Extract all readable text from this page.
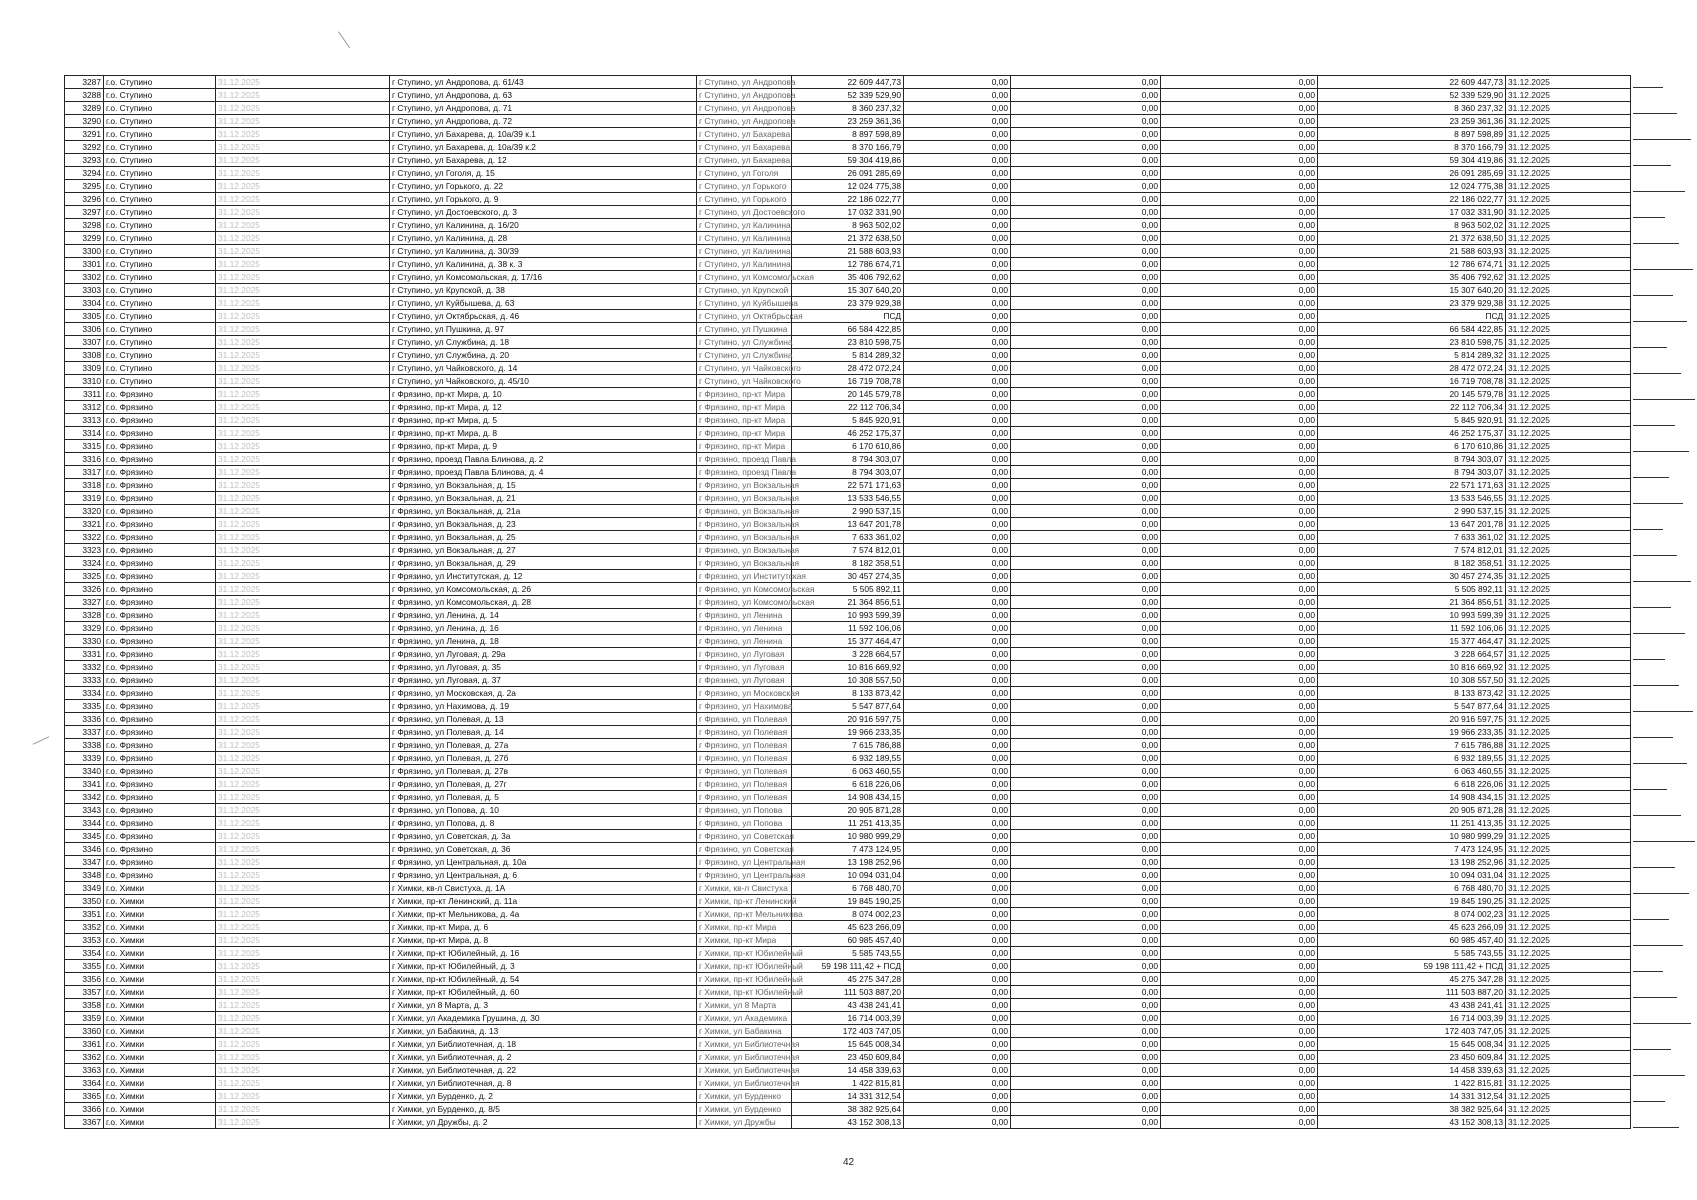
3287	г.о. Ступино	31.12.2025	г Ступино, ул Андропова, д. 61/43	г Ступино, ул Андропова	22 609 447,73	0,00	0,00	0,00	22 609 447,73	31.12.2025
3288	г.о. Ступино	31.12.2025	г Ступино, ул Андропова, д. 63	г Ступино, ул Андропова	52 339 529,90	0,00	0,00	0,00	52 339 529,90	31.12.2025
3289	г.о. Ступино	31.12.2025	г Ступино, ул Андропова, д. 71	г Ступино, ул Андропова	8 360 237,32	0,00	0,00	0,00	8 360 237,32	31.12.2025
3290	г.о. Ступино	31.12.2025	г Ступино, ул Андропова, д. 72	г Ступино, ул Андропова	23 259 361,36	0,00	0,00	0,00	23 259 361,36	31.12.2025
3291	г.о. Ступино	31.12.2025	г Ступино, ул Бахарева, д. 10а/39 к.1	г Ступино, ул Бахарева	8 897 598,89	0,00	0,00	0,00	8 897 598,89	31.12.2025
3292	г.о. Ступино	31.12.2025	г Ступино, ул Бахарева, д. 10а/39 к.2	г Ступино, ул Бахарева	8 370 166,79	0,00	0,00	0,00	8 370 166,79	31.12.2025
3293	г.о. Ступино	31.12.2025	г Ступино, ул Бахарева, д. 12	г Ступино, ул Бахарева	59 304 419,86	0,00	0,00	0,00	59 304 419,86	31.12.2025
3294	г.о. Ступино	31.12.2025	г Ступино, ул Гоголя, д. 15	г Ступино, ул Гоголя	26 091 285,69	0,00	0,00	0,00	26 091 285,69	31.12.2025
3295	г.о. Ступино	31.12.2025	г Ступино, ул Горького, д. 22	г Ступино, ул Горького	12 024 775,38	0,00	0,00	0,00	12 024 775,38	31.12.2025
3296	г.о. Ступино	31.12.2025	г Ступино, ул Горького, д. 9	г Ступино, ул Горького	22 186 022,77	0,00	0,00	0,00	22 186 022,77	31.12.2025
3297	г.о. Ступино	31.12.2025	г Ступино, ул Достоевского, д. 3	г Ступино, ул Достоевского	17 032 331,90	0,00	0,00	0,00	17 032 331,90	31.12.2025
3298	г.о. Ступино	31.12.2025	г Ступино, ул Калинина, д. 16/20	г Ступино, ул Калинина	8 963 502,02	0,00	0,00	0,00	8 963 502,02	31.12.2025
3299	г.о. Ступино	31.12.2025	г Ступино, ул Калинина, д. 28	г Ступино, ул Калинина	21 372 638,50	0,00	0,00	0,00	21 372 638,50	31.12.2025
3300	г.о. Ступино	31.12.2025	г Ступино, ул Калинина, д. 30/39	г Ступино, ул Калинина	21 588 603,93	0,00	0,00	0,00	21 588 603,93	31.12.2025
3301	г.о. Ступино	31.12.2025	г Ступино, ул Калинина, д. 38 к. 3	г Ступино, ул Калинина	12 786 674,71	0,00	0,00	0,00	12 786 674,71	31.12.2025
3302	г.о. Ступино	31.12.2025	г Ступино, ул Комсомольская, д. 17/16	г Ступино, ул Комсомольская	35 406 792,62	0,00	0,00	0,00	35 406 792,62	31.12.2025
3303	г.о. Ступино	31.12.2025	г Ступино, ул Крупской, д. 38	г Ступино, ул Крупской	15 307 640,20	0,00	0,00	0,00	15 307 640,20	31.12.2025
3304	г.о. Ступино	31.12.2025	г Ступино, ул Куйбышева, д. 63	г Ступино, ул Куйбышева	23 379 929,38	0,00	0,00	0,00	23 379 929,38	31.12.2025
3305	г.о. Ступино	31.12.2025	г Ступино, ул Октябрьская, д. 46	г Ступино, ул Октябрьская	ПСД	0,00	0,00	0,00	ПСД	31.12.2025
3306	г.о. Ступино	31.12.2025	г Ступино, ул Пушкина, д. 97	г Ступино, ул Пушкина	66 584 422,85	0,00	0,00	0,00	66 584 422,85	31.12.2025
3307	г.о. Ступино	31.12.2025	г Ступино, ул Службина, д. 18	г Ступино, ул Службина	23 810 598,75	0,00	0,00	0,00	23 810 598,75	31.12.2025
3308	г.о. Ступино	31.12.2025	г Ступино, ул Службина, д. 20	г Ступино, ул Службина	5 814 289,32	0,00	0,00	0,00	5 814 289,32	31.12.2025
3309	г.о. Ступино	31.12.2025	г Ступино, ул Чайковского, д. 14	г Ступино, ул Чайковского	28 472 072,24	0,00	0,00	0,00	28 472 072,24	31.12.2025
3310	г.о. Ступино	31.12.2025	г Ступино, ул Чайковского, д. 45/10	г Ступино, ул Чайковского	16 719 708,78	0,00	0,00	0,00	16 719 708,78	31.12.2025
3311	г.о. Фрязино	31.12.2025	г Фрязино, пр-кт Мира, д. 10	г Фрязино, пр-кт Мира	20 145 579,78	0,00	0,00	0,00	20 145 579,78	31.12.2025
3312	г.о. Фрязино	31.12.2025	г Фрязино, пр-кт Мира, д. 12	г Фрязино, пр-кт Мира	22 112 706,34	0,00	0,00	0,00	22 112 706,34	31.12.2025
3313	г.о. Фрязино	31.12.2025	г Фрязино, пр-кт Мира, д. 5	г Фрязино, пр-кт Мира	5 845 920,91	0,00	0,00	0,00	5 845 920,91	31.12.2025
3314	г.о. Фрязино	31.12.2025	г Фрязино, пр-кт Мира, д. 8	г Фрязино, пр-кт Мира	46 252 175,37	0,00	0,00	0,00	46 252 175,37	31.12.2025
3315	г.о. Фрязино	31.12.2025	г Фрязино, пр-кт Мира, д. 9	г Фрязино, пр-кт Мира	6 170 610,86	0,00	0,00	0,00	6 170 610,86	31.12.2025
3316	г.о. Фрязино	31.12.2025	г Фрязино, проезд Павла Блинова, д. 2	г Фрязино, проезд Павла	8 794 303,07	0,00	0,00	0,00	8 794 303,07	31.12.2025
3317	г.о. Фрязино	31.12.2025	г Фрязино, проезд Павла Блинова, д. 4	г Фрязино, проезд Павла	8 794 303,07	0,00	0,00	0,00	8 794 303,07	31.12.2025
3318	г.о. Фрязино	31.12.2025	г Фрязино, ул Вокзальная, д. 15	г Фрязино, ул Вокзальная	22 571 171,63	0,00	0,00	0,00	22 571 171,63	31.12.2025
3319	г.о. Фрязино	31.12.2025	г Фрязино, ул Вокзальная, д. 21	г Фрязино, ул Вокзальная	13 533 546,55	0,00	0,00	0,00	13 533 546,55	31.12.2025
3320	г.о. Фрязино	31.12.2025	г Фрязино, ул Вокзальная, д. 21а	г Фрязино, ул Вокзальная	2 990 537,15	0,00	0,00	0,00	2 990 537,15	31.12.2025
3321	г.о. Фрязино	31.12.2025	г Фрязино, ул Вокзальная, д. 23	г Фрязино, ул Вокзальная	13 647 201,78	0,00	0,00	0,00	13 647 201,78	31.12.2025
3322	г.о. Фрязино	31.12.2025	г Фрязино, ул Вокзальная, д. 25	г Фрязино, ул Вокзальная	7 633 361,02	0,00	0,00	0,00	7 633 361,02	31.12.2025
3323	г.о. Фрязино	31.12.2025	г Фрязино, ул Вокзальная, д. 27	г Фрязино, ул Вокзальная	7 574 812,01	0,00	0,00	0,00	7 574 812,01	31.12.2025
3324	г.о. Фрязино	31.12.2025	г Фрязино, ул Вокзальная, д. 29	г Фрязино, ул Вокзальная	8 182 358,51	0,00	0,00	0,00	8 182 358,51	31.12.2025
3325	г.о. Фрязино	31.12.2025	г Фрязино, ул Институтская, д. 12	г Фрязино, ул Институтская	30 457 274,35	0,00	0,00	0,00	30 457 274,35	31.12.2025
3326	г.о. Фрязино	31.12.2025	г Фрязино, ул Комсомольская, д. 26	г Фрязино, ул Комсомольская	5 505 892,11	0,00	0,00	0,00	5 505 892,11	31.12.2025
3327	г.о. Фрязино	31.12.2025	г Фрязино, ул Комсомольская, д. 28	г Фрязино, ул Комсомольская	21 364 856,51	0,00	0,00	0,00	21 364 856,51	31.12.2025
3328	г.о. Фрязино	31.12.2025	г Фрязино, ул Ленина, д. 14	г Фрязино, ул Ленина	10 993 599,39	0,00	0,00	0,00	10 993 599,39	31.12.2025
3329	г.о. Фрязино	31.12.2025	г Фрязино, ул Ленина, д. 16	г Фрязино, ул Ленина	11 592 106,06	0,00	0,00	0,00	11 592 106,06	31.12.2025
3330	г.о. Фрязино	31.12.2025	г Фрязино, ул Ленина, д. 18	г Фрязино, ул Ленина	15 377 464,47	0,00	0,00	0,00	15 377 464,47	31.12.2025
3331	г.о. Фрязино	31.12.2025	г Фрязино, ул Луговая, д. 29а	г Фрязино, ул Луговая	3 228 664,57	0,00	0,00	0,00	3 228 664,57	31.12.2025
3332	г.о. Фрязино	31.12.2025	г Фрязино, ул Луговая, д. 35	г Фрязино, ул Луговая	10 816 669,92	0,00	0,00	0,00	10 816 669,92	31.12.2025
3333	г.о. Фрязино	31.12.2025	г Фрязино, ул Луговая, д. 37	г Фрязино, ул Луговая	10 308 557,50	0,00	0,00	0,00	10 308 557,50	31.12.2025
3334	г.о. Фрязино	31.12.2025	г Фрязино, ул Московская, д. 2а	г Фрязино, ул Московская	8 133 873,42	0,00	0,00	0,00	8 133 873,42	31.12.2025
3335	г.о. Фрязино	31.12.2025	г Фрязино, ул Нахимова, д. 19	г Фрязино, ул Нахимова	5 547 877,64	0,00	0,00	0,00	5 547 877,64	31.12.2025
3336	г.о. Фрязино	31.12.2025	г Фрязино, ул Полевая, д. 13	г Фрязино, ул Полевая	20 916 597,75	0,00	0,00	0,00	20 916 597,75	31.12.2025
3337	г.о. Фрязино	31.12.2025	г Фрязино, ул Полевая, д. 14	г Фрязино, ул Полевая	19 966 233,35	0,00	0,00	0,00	19 966 233,35	31.12.2025
3338	г.о. Фрязино	31.12.2025	г Фрязино, ул Полевая, д. 27а	г Фрязино, ул Полевая	7 615 786,88	0,00	0,00	0,00	7 615 786,88	31.12.2025
3339	г.о. Фрязино	31.12.2025	г Фрязино, ул Полевая, д. 27б	г Фрязино, ул Полевая	6 932 189,55	0,00	0,00	0,00	6 932 189,55	31.12.2025
3340	г.о. Фрязино	31.12.2025	г Фрязино, ул Полевая, д. 27в	г Фрязино, ул Полевая	6 063 460,55	0,00	0,00	0,00	6 063 460,55	31.12.2025
3341	г.о. Фрязино	31.12.2025	г Фрязино, ул Полевая, д. 27г	г Фрязино, ул Полевая	6 618 226,06	0,00	0,00	0,00	6 618 226,06	31.12.2025
3342	г.о. Фрязино	31.12.2025	г Фрязино, ул Полевая, д. 5	г Фрязино, ул Полевая	14 908 434,15	0,00	0,00	0,00	14 908 434,15	31.12.2025
3343	г.о. Фрязино	31.12.2025	г Фрязино, ул Попова, д. 10	г Фрязино, ул Попова	20 905 871,28	0,00	0,00	0,00	20 905 871,28	31.12.2025
3344	г.о. Фрязино	31.12.2025	г Фрязино, ул Попова, д. 8	г Фрязино, ул Попова	11 251 413,35	0,00	0,00	0,00	11 251 413,35	31.12.2025
3345	г.о. Фрязино	31.12.2025	г Фрязино, ул Советская, д. 3а	г Фрязино, ул Советская	10 980 999,29	0,00	0,00	0,00	10 980 999,29	31.12.2025
3346	г.о. Фрязино	31.12.2025	г Фрязино, ул Советская, д. 36	г Фрязино, ул Советская	7 473 124,95	0,00	0,00	0,00	7 473 124,95	31.12.2025
3347	г.о. Фрязино	31.12.2025	г Фрязино, ул Центральная, д. 10а	г Фрязино, ул Центральная	13 198 252,96	0,00	0,00	0,00	13 198 252,96	31.12.2025
3348	г.о. Фрязино	31.12.2025	г Фрязино, ул Центральная, д. 6	г Фрязино, ул Центральная	10 094 031,04	0,00	0,00	0,00	10 094 031,04	31.12.2025
3349	г.о. Химки	31.12.2025	г Химки, кв-л Свистуха, д. 1А	г Химки, кв-л Свистуха	6 768 480,70	0,00	0,00	0,00	6 768 480,70	31.12.2025
3350	г.о. Химки	31.12.2025	г Химки, пр-кт Ленинский, д. 11а	г Химки, пр-кт Ленинский	19 845 190,25	0,00	0,00	0,00	19 845 190,25	31.12.2025
3351	г.о. Химки	31.12.2025	г Химки, пр-кт Мельникова, д. 4а	г Химки, пр-кт Мельникова	8 074 002,23	0,00	0,00	0,00	8 074 002,23	31.12.2025
3352	г.о. Химки	31.12.2025	г Химки, пр-кт Мира, д. 6	г Химки, пр-кт Мира	45 623 266,09	0,00	0,00	0,00	45 623 266,09	31.12.2025
3353	г.о. Химки	31.12.2025	г Химки, пр-кт Мира, д. 8	г Химки, пр-кт Мира	60 985 457,40	0,00	0,00	0,00	60 985 457,40	31.12.2025
3354	г.о. Химки	31.12.2025	г Химки, пр-кт Юбилейный, д. 16	г Химки, пр-кт Юбилейный	5 585 743,55	0,00	0,00	0,00	5 585 743,55	31.12.2025
3355	г.о. Химки	31.12.2025	г Химки, пр-кт Юбилейный, д. 3	г Химки, пр-кт Юбилейный	59 198 111,42 + ПСД	0,00	0,00	0,00	59 198 111,42 + ПСД	31.12.2025
3356	г.о. Химки	31.12.2025	г Химки, пр-кт Юбилейный, д. 54	г Химки, пр-кт Юбилейный	45 275 347,28	0,00	0,00	0,00	45 275 347,28	31.12.2025
3357	г.о. Химки	31.12.2025	г Химки, пр-кт Юбилейный, д. 60	г Химки, пр-кт Юбилейный	111 503 887,20	0,00	0,00	0,00	111 503 887,20	31.12.2025
3358	г.о. Химки	31.12.2025	г Химки, ул 8 Марта, д. 3	г Химки, ул 8 Марта	43 438 241,41	0,00	0,00	0,00	43 438 241,41	31.12.2025
3359	г.о. Химки	31.12.2025	г Химки, ул Академика Грушина, д. 30	г Химки, ул Академика	16 714 003,39	0,00	0,00	0,00	16 714 003,39	31.12.2025
3360	г.о. Химки	31.12.2025	г Химки, ул Бабакина, д. 13	г Химки, ул Бабакина	172 403 747,05	0,00	0,00	0,00	172 403 747,05	31.12.2025
3361	г.о. Химки	31.12.2025	г Химки, ул Библиотечная, д. 18	г Химки, ул Библиотечная	15 645 008,34	0,00	0,00	0,00	15 645 008,34	31.12.2025
3362	г.о. Химки	31.12.2025	г Химки, ул Библиотечная, д. 2	г Химки, ул Библиотечная	23 450 609,84	0,00	0,00	0,00	23 450 609,84	31.12.2025
3363	г.о. Химки	31.12.2025	г Химки, ул Библиотечная, д. 22	г Химки, ул Библиотечная	14 458 339,63	0,00	0,00	0,00	14 458 339,63	31.12.2025
3364	г.о. Химки	31.12.2025	г Химки, ул Библиотечная, д. 8	г Химки, ул Библиотечная	1 422 815,81	0,00	0,00	0,00	1 422 815,81	31.12.2025
3365	г.о. Химки	31.12.2025	г Химки, ул Бурденко, д. 2	г Химки, ул Бурденко	14 331 312,54	0,00	0,00	0,00	14 331 312,54	31.12.2025
3366	г.о. Химки	31.12.2025	г Химки, ул Бурденко, д. 8/5	г Химки, ул Бурденко	38 382 925,64	0,00	0,00	0,00	38 382 925,64	31.12.2025
3367	г.о. Химки	31.12.2025	г Химки, ул Дружбы, д. 2	г Химки, ул Дружбы	43 152 308,13	0,00	0,00	0,00	43 152 308,13	31.12.2025
42
